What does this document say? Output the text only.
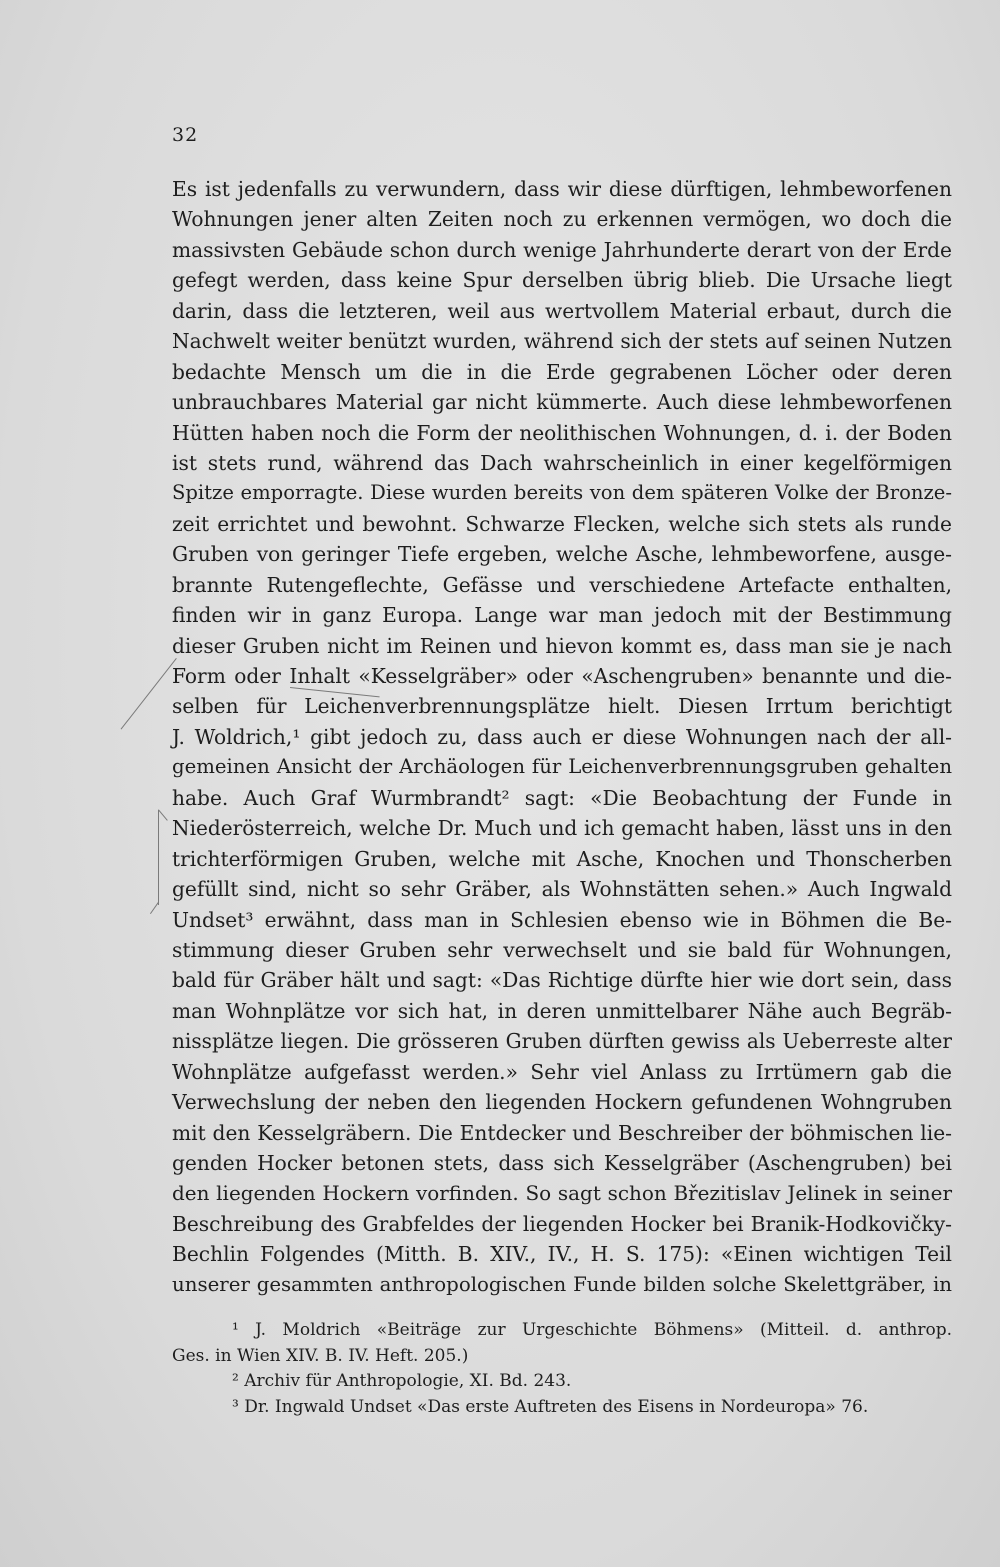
32
Es ist jedenfalls zu verwundern, dass wir diese dürftigen, lehmbeworfenen
Wohnungen jener alten Zeiten noch zu erkennen vermögen, wo doch die
massivsten Gebäude schon durch wenige Jahrhunderte derart von der Erde
gefegt werden, dass keine Spur derselben übrig blieb. Die Ursache liegt
darin, dass die letzteren, weil aus wertvollem Material erbaut, durch die
Nachwelt weiter benützt wurden, während sich der stets auf seinen Nutzen
bedachte Mensch um die in die Erde gegrabenen Löcher oder deren
unbrauchbares Material gar nicht kümmerte. Auch diese lehmbeworfenen
Hütten haben noch die Form der neolithischen Wohnungen, d. i. der Boden
ist stets rund, während das Dach wahrscheinlich in einer kegelförmigen
Spitze emporragte. Diese wurden bereits von dem späteren Volke der Bronze-
zeit errichtet und bewohnt. Schwarze Flecken, welche sich stets als runde
Gruben von geringer Tiefe ergeben, welche Asche, lehmbeworfene, ausge-
brannte Rutengeflechte, Gefässe und verschiedene Artefacte enthalten,
finden wir in ganz Europa. Lange war man jedoch mit der Bestimmung
dieser Gruben nicht im Reinen und hievon kommt es, dass man sie je nach
Form oder Inhalt «Kesselgräber» oder «Aschengruben» benannte und die-
selben für Leichenverbrennungsplätze hielt. Diesen Irrtum berichtigt
J. Woldrich,¹ gibt jedoch zu, dass auch er diese Wohnungen nach der all-
gemeinen Ansicht der Archäologen für Leichenverbrennungsgruben gehalten
habe. Auch Graf Wurmbrandt² sagt: «Die Beobachtung der Funde in
Niederösterreich, welche Dr. Much und ich gemacht haben, lässt uns in den
trichterförmigen Gruben, welche mit Asche, Knochen und Thonscherben
gefüllt sind, nicht so sehr Gräber, als Wohnstätten sehen.» Auch Ingwald
Undset³ erwähnt, dass man in Schlesien ebenso wie in Böhmen die Be-
stimmung dieser Gruben sehr verwechselt und sie bald für Wohnungen,
bald für Gräber hält und sagt: «Das Richtige dürfte hier wie dort sein, dass
man Wohnplätze vor sich hat, in deren unmittelbarer Nähe auch Begräb-
nissplätze liegen. Die grösseren Gruben dürften gewiss als Ueberreste alter
Wohnplätze aufgefasst werden.» Sehr viel Anlass zu Irrtümern gab die
Verwechslung der neben den liegenden Hockern gefundenen Wohngruben
mit den Kesselgräbern. Die Entdecker und Beschreiber der böhmischen lie-
genden Hocker betonen stets, dass sich Kesselgräber (Aschengruben) bei
den liegenden Hockern vorfinden. So sagt schon Březitislav Jelinek in seiner
Beschreibung des Grabfeldes der liegenden Hocker bei Branik-Hodkovičky-
Bechlin Folgendes (Mitth. B. XIV., IV., H. S. 175): «Einen wichtigen Teil
unserer gesammten anthropologischen Funde bilden solche Skelettgräber, in
¹ J. Moldrich «Beiträge zur Urgeschichte Böhmens» (Mitteil. d. anthrop.
Ges. in Wien XIV. B. IV. Heft. 205.)
² Archiv für Anthropologie, XI. Bd. 243.
³ Dr. Ingwald Undset «Das erste Auftreten des Eisens in Nordeuropa» 76.
